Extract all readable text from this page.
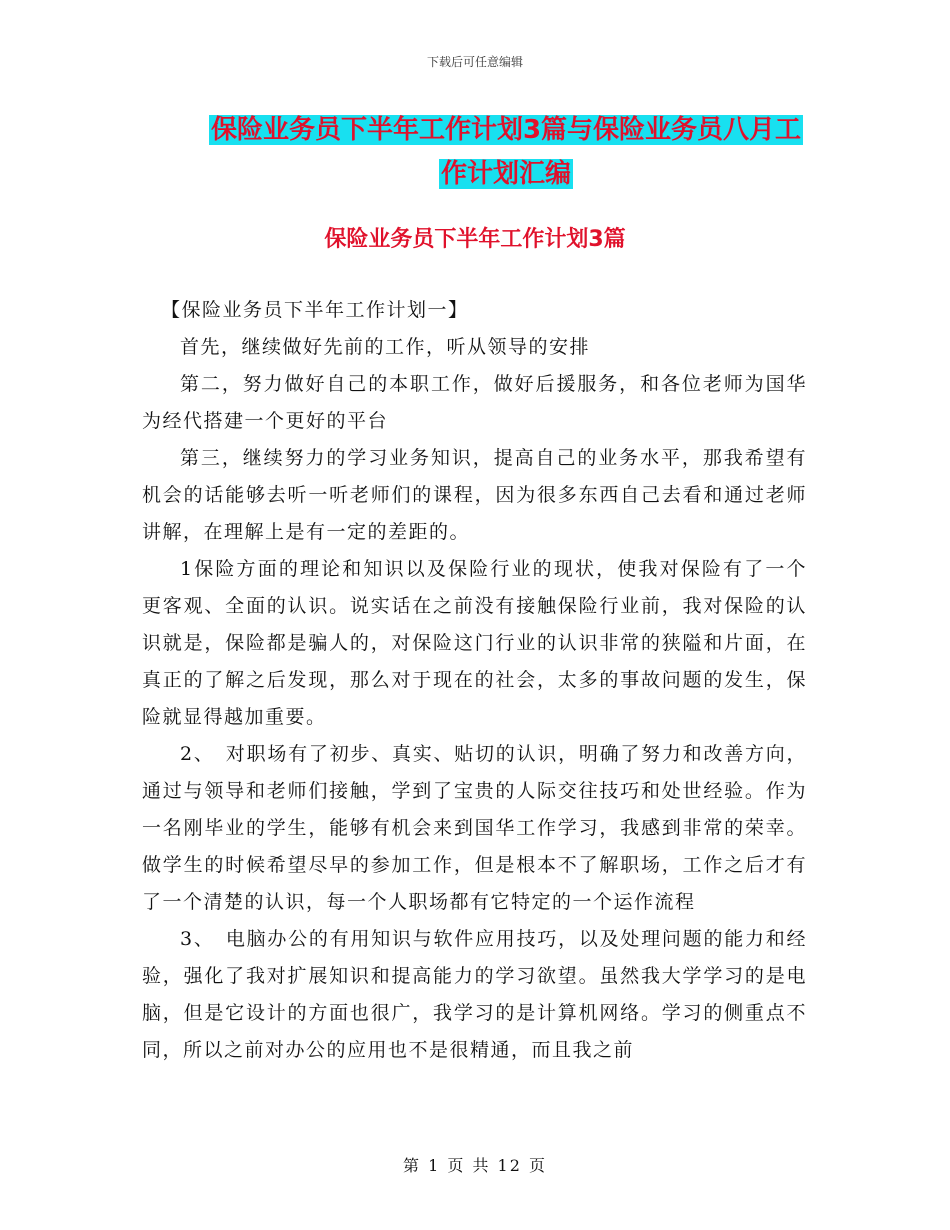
下载后可任意编辑
保险业务员下半年工作计划3篇与保险业务员八月工
作计划汇编
保险业务员下半年工作计划3篇

【保险业务员下半年工作计划一】

首先，继续做好先前的工作，听从领导的安排

第二，努力做好自己的本职工作，做好后援服务，和各位老师为国华为经代搭建一个更好的平台

第三，继续努力的学习业务知识，提高自己的业务水平，那我希望有机会的话能够去听一听老师们的课程，因为很多东西自己去看和通过老师讲解，在理解上是有一定的差距的。

1保险方面的理论和知识以及保险行业的现状，使我对保险有了一个更客观、全面的认识。说实话在之前没有接触保险行业前，我对保险的认识就是，保险都是骗人的，对保险这门行业的认识非常的狭隘和片面，在真正的了解之后发现，那么对于现在的社会，太多的事故问题的发生，保险就显得越加重要。

2、　对职场有了初步、真实、贴切的认识，明确了努力和改善方向，通过与领导和老师们接触，学到了宝贵的人际交往技巧和处世经验。作为一名刚毕业的学生，能够有机会来到国华工作学习，我感到非常的荣幸。做学生的时候希望尽早的参加工作，但是根本不了解职场，工作之后才有了一个清楚的认识，每一个人职场都有它特定的一个运作流程

3、　电脑办公的有用知识与软件应用技巧，以及处理问题的能力和经验，强化了我对扩展知识和提高能力的学习欲望。虽然我大学学习的是电脑，但是它设计的方面也很广，我学习的是计算机网络。学习的侧重点不同，所以之前对办公的应用也不是很精通，而且我之前

第 1 页 共 12 页
